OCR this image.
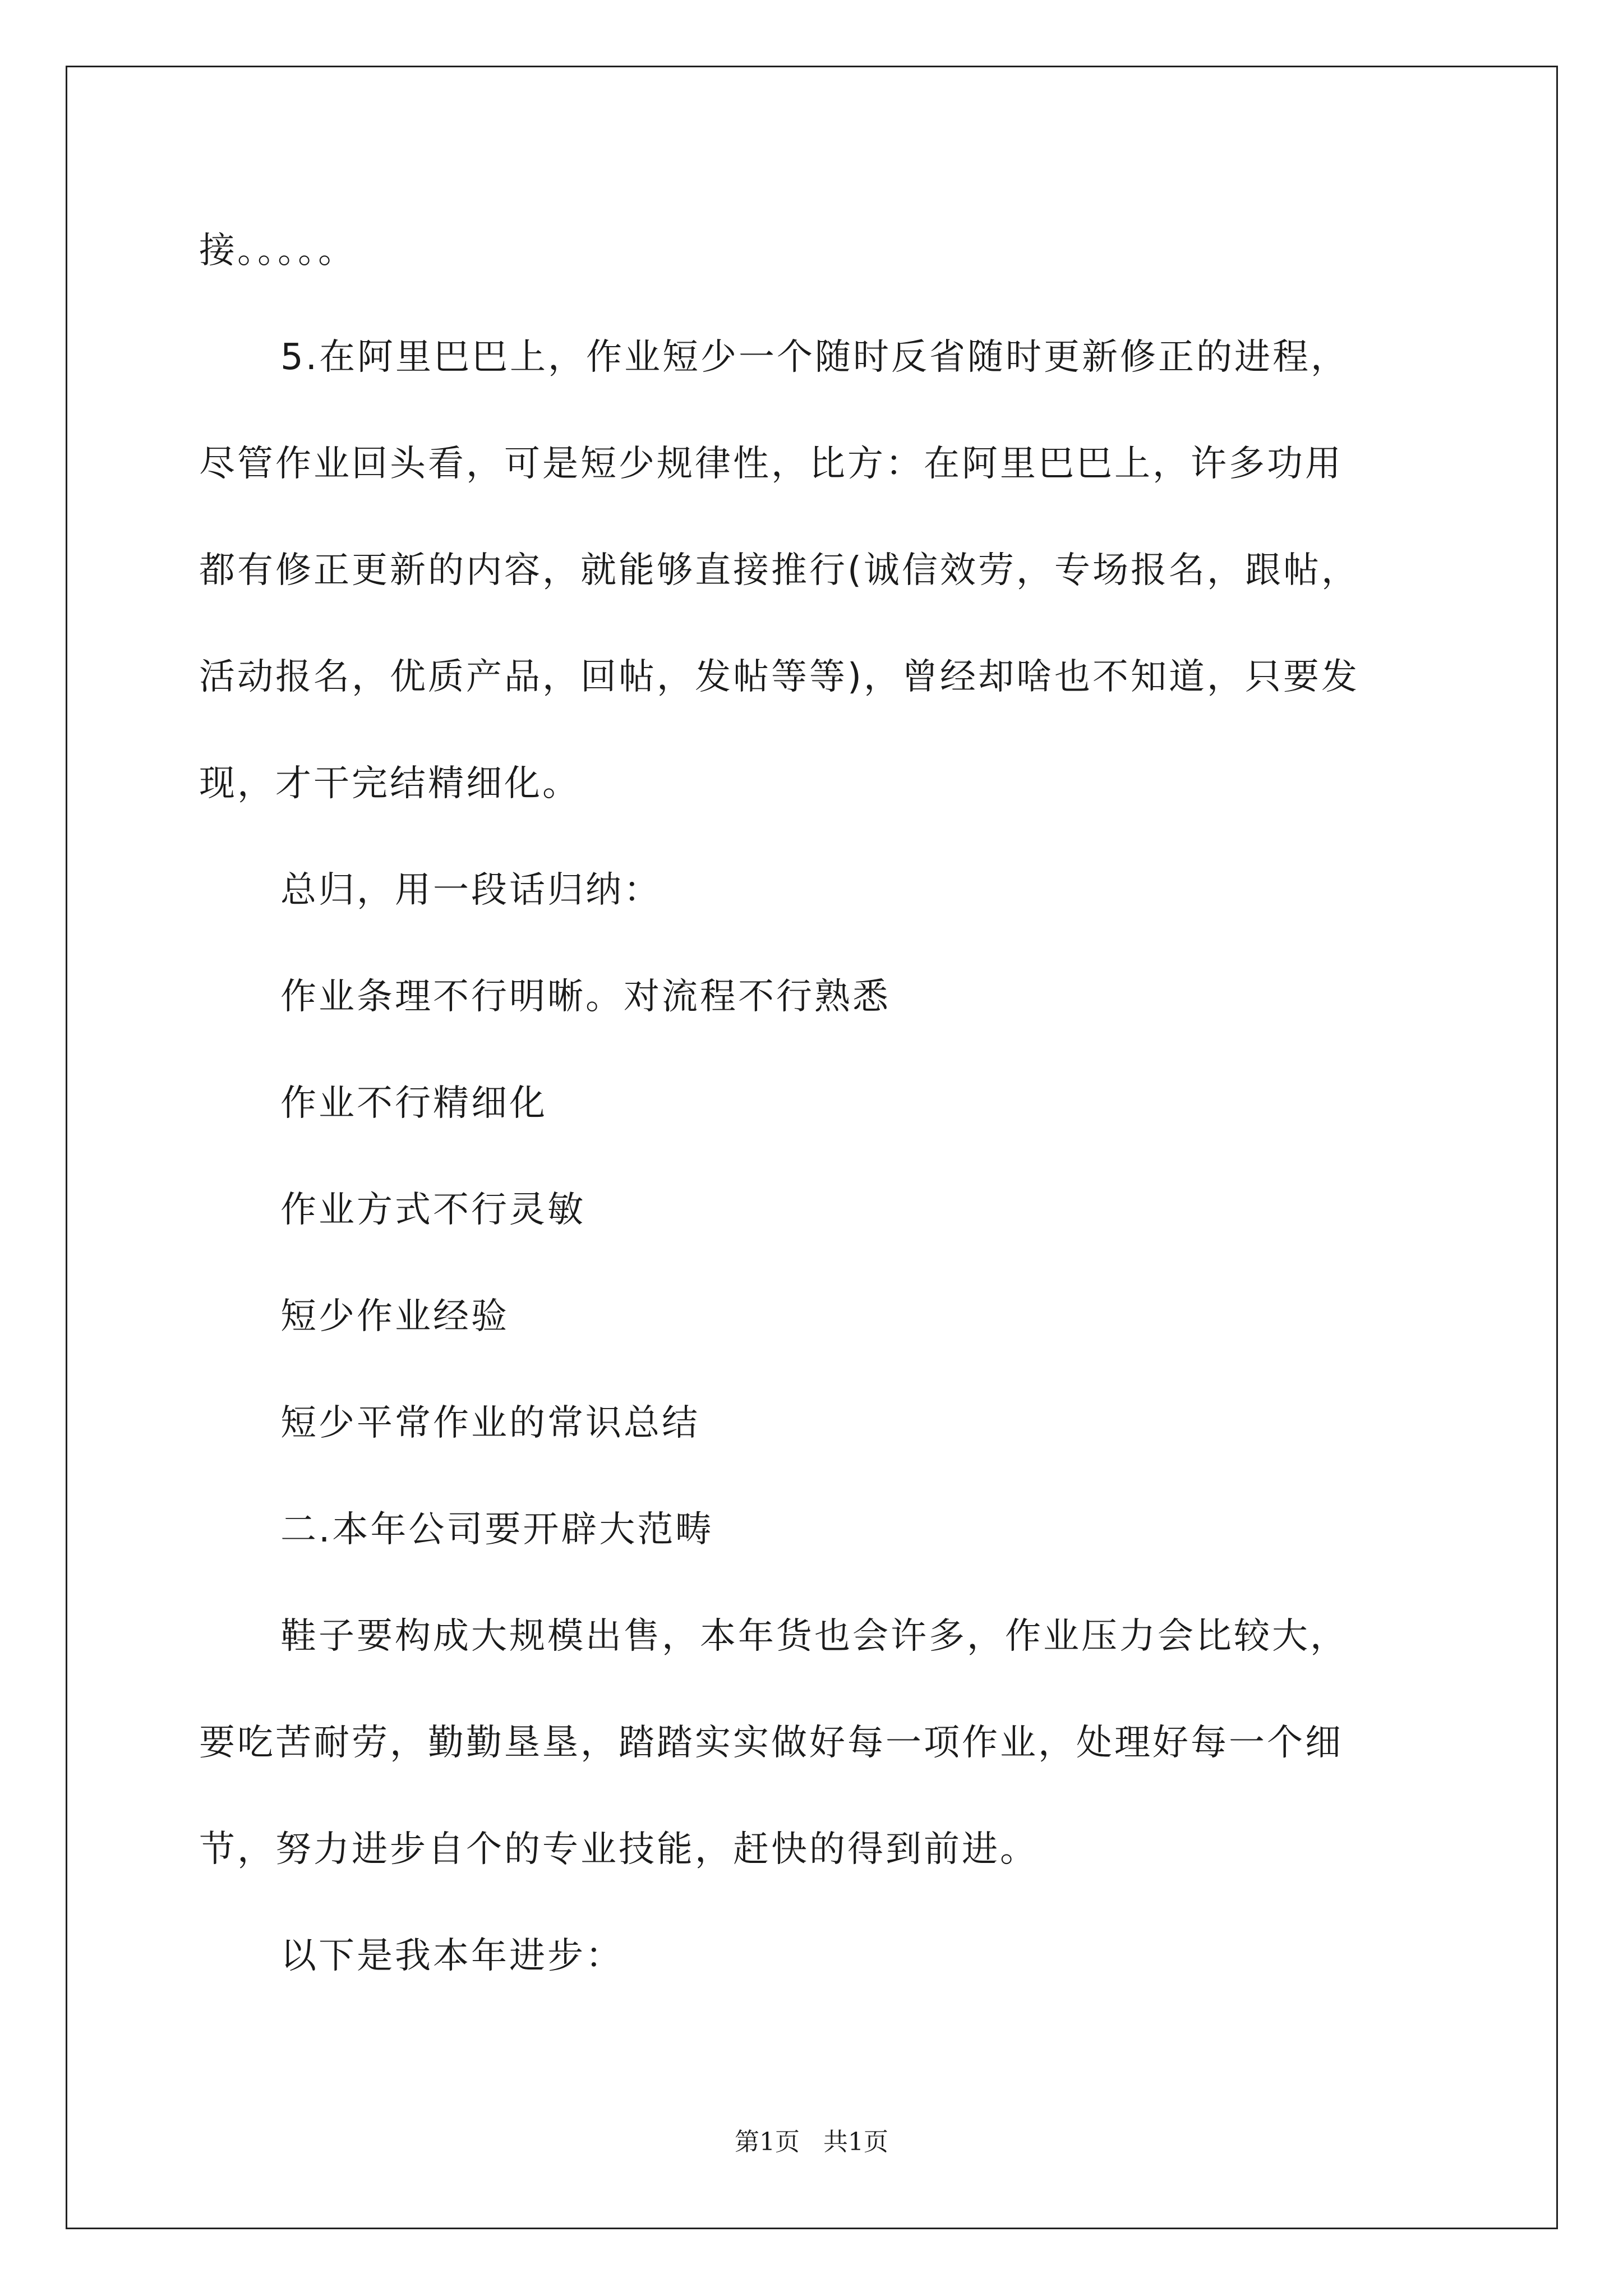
接。。。。。

5.在阿里巴巴上，作业短少一个随时反省随时更新修正的进程，

尽管作业回头看，可是短少规律性，比方：在阿里巴巴上，许多功用

都有修正更新的内容，就能够直接推行(诚信效劳，专场报名，跟帖，

活动报名，优质产品，回帖，发帖等等)，曾经却啥也不知道，只要发

现，才干完结精细化。

总归，用一段话归纳：

作业条理不行明晰。对流程不行熟悉

作业不行精细化

作业方式不行灵敏

短少作业经验

短少平常作业的常识总结

二.本年公司要开辟大范畴

鞋子要构成大规模出售，本年货也会许多，作业压力会比较大，

要吃苦耐劳，勤勤垦垦，踏踏实实做好每一项作业，处理好每一个细

节，努力进步自个的专业技能，赶快的得到前进。

以下是我本年进步：

第1页   共1页
